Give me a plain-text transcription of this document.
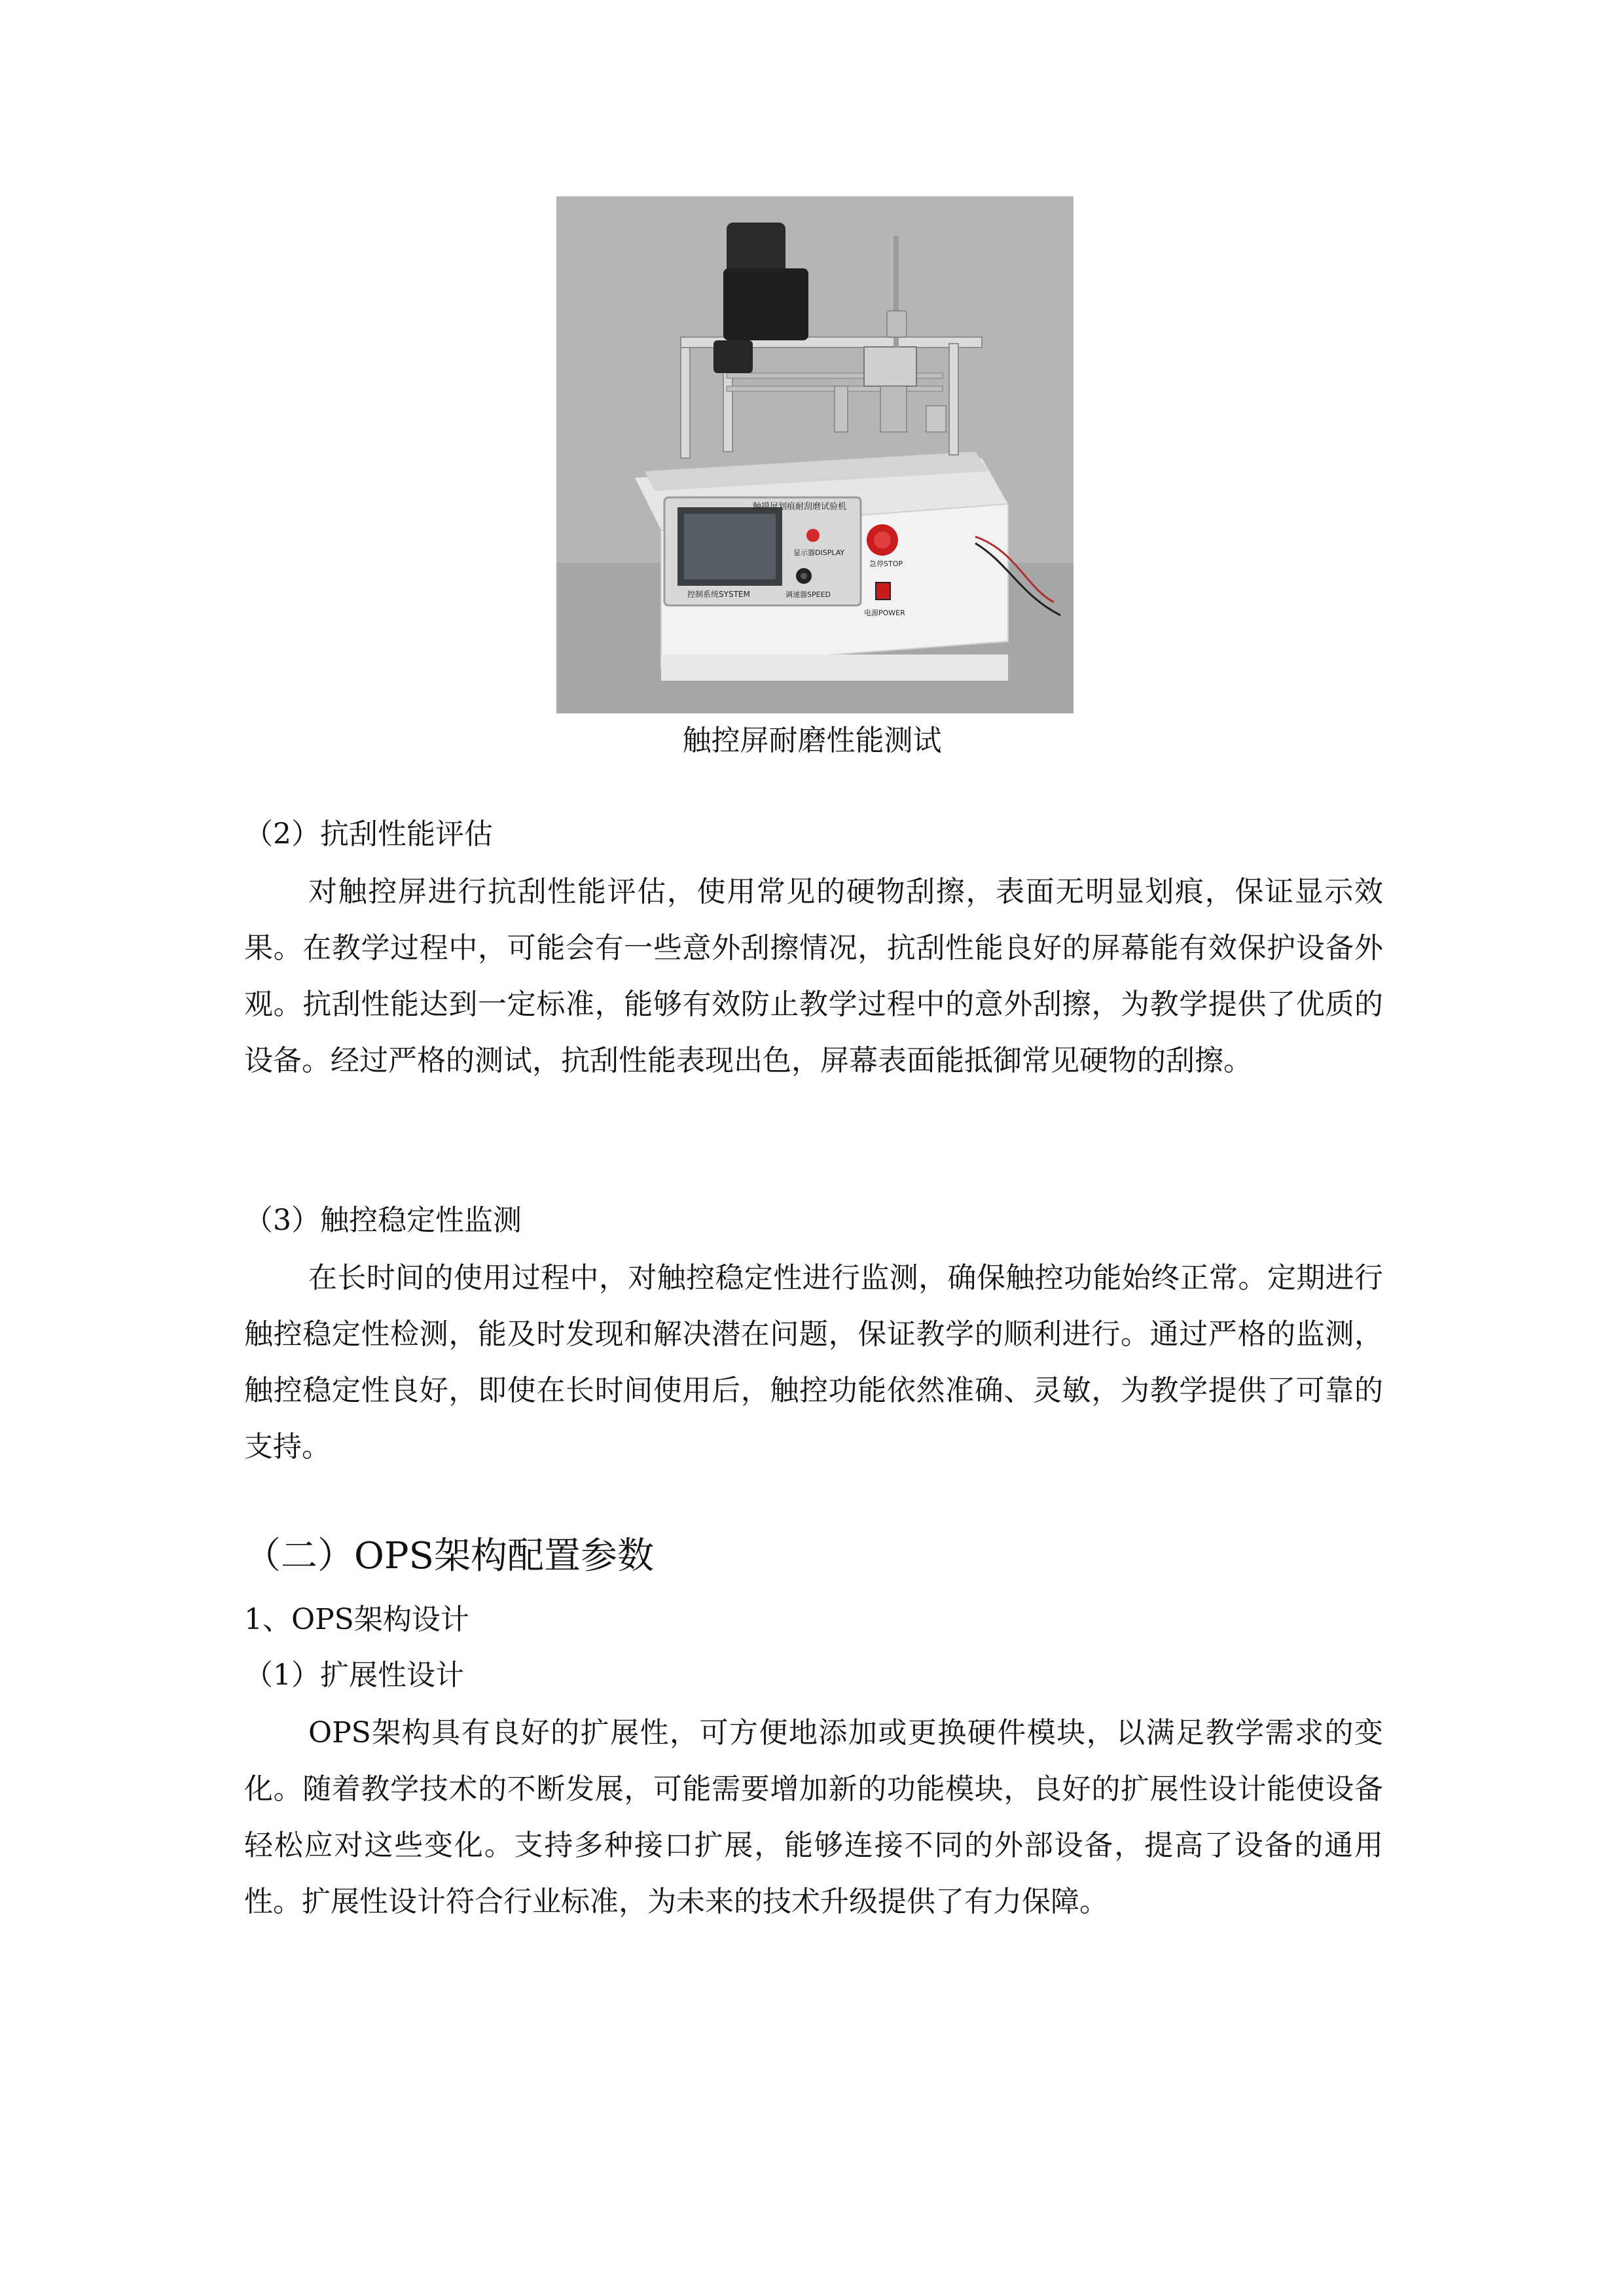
控制系统SYSTEM
触摸屏划痕耐刮磨试验机
显示器DISPLAY
调速器SPEED
急停STOP
电源POWER
触控屏耐磨性能测试
（2）抗刮性能评估
对触控屏进行抗刮性能评估，使用常见的硬物刮擦，表面无明显划痕，保证显示效果。在教学过程中，可能会有一些意外刮擦情况，抗刮性能良好的屏幕能有效保护设备外观。抗刮性能达到一定标准，能够有效防止教学过程中的意外刮擦，为教学提供了优质的设备。经过严格的测试，抗刮性能表现出色，屏幕表面能抵御常见硬物的刮擦。
（3）触控稳定性监测
在长时间的使用过程中，对触控稳定性进行监测，确保触控功能始终正常。定期进行触控稳定性检测，能及时发现和解决潜在问题，保证教学的顺利进行。通过严格的监测，触控稳定性良好，即使在长时间使用后，触控功能依然准确、灵敏，为教学提供了可靠的支持。
（二）OPS架构配置参数
1、OPS架构设计
（1）扩展性设计
OPS架构具有良好的扩展性，可方便地添加或更换硬件模块，以满足教学需求的变化。随着教学技术的不断发展，可能需要增加新的功能模块，良好的扩展性设计能使设备轻松应对这些变化。支持多种接口扩展，能够连接不同的外部设备，提高了设备的通用性。扩展性设计符合行业标准，为未来的技术升级提供了有力保障。
